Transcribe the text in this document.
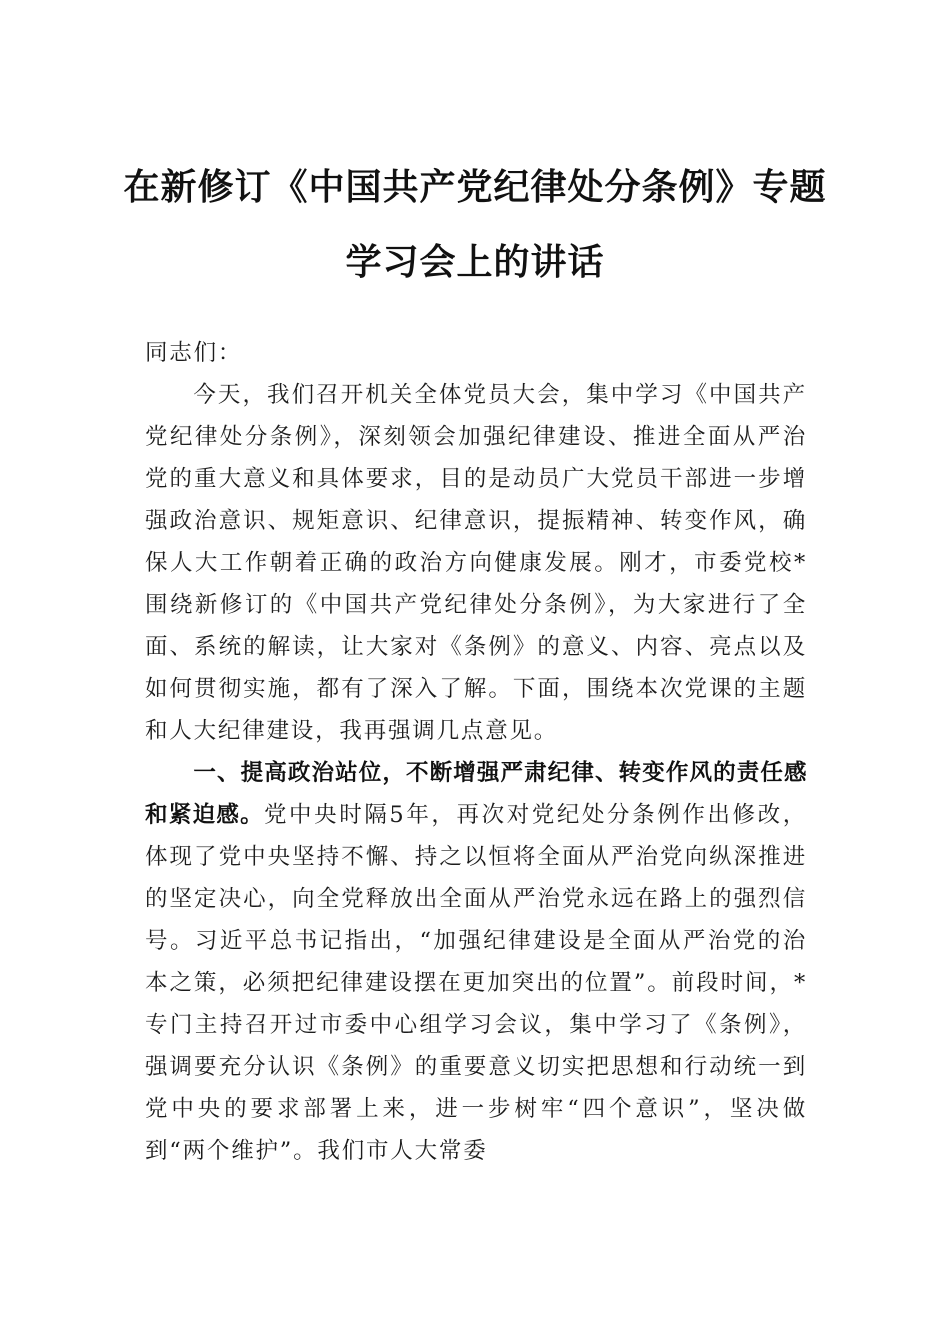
在新修订《中国共产党纪律处分条例》专题学习会上的讲话

同志们：

今天，我们召开机关全体党员大会，集中学习《中国共产党纪律处分条例》，深刻领会加强纪律建设、推进全面从严治党的重大意义和具体要求，目的是动员广大党员干部进一步增强政治意识、规矩意识、纪律意识，提振精神、转变作风，确保人大工作朝着正确的政治方向健康发展。刚才，市委党校*围绕新修订的《中国共产党纪律处分条例》，为大家进行了全面、系统的解读，让大家对《条例》的意义、内容、亮点以及如何贯彻实施，都有了深入了解。下面，围绕本次党课的主题和人大纪律建设，我再强调几点意见。

一、提高政治站位，不断增强严肃纪律、转变作风的责任感和紧迫感。党中央时隔5年，再次对党纪处分条例作出修改，体现了党中央坚持不懈、持之以恒将全面从严治党向纵深推进的坚定决心，向全党释放出全面从严治党永远在路上的强烈信号。习近平总书记指出，“加强纪律建设是全面从严治党的治本之策，必须把纪律建设摆在更加突出的位置”。前段时间，*专门主持召开过市委中心组学习会议，集中学习了《条例》，强调要充分认识《条例》的重要意义切实把思想和行动统一到党中央的要求部署上来，进一步树牢“四个意识”，坚决做到“两个维护”。我们市人大常委
